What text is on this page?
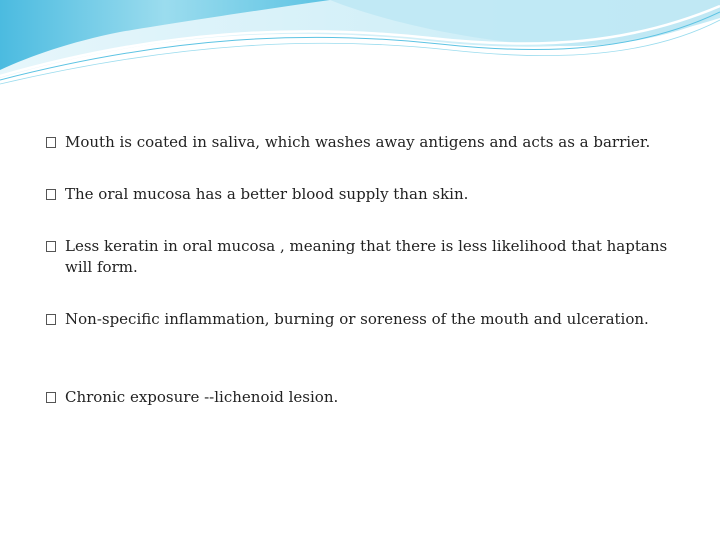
Mouth is coated in saliva, which washes away antigens and acts as a barrier.
The oral mucosa has a better blood supply than skin.
Less keratin in oral mucosa , meaning that there is less likelihood that haptans will form.
Non-specific inflammation, burning or soreness of the mouth and ulceration.
Chronic exposure --lichenoid lesion.
